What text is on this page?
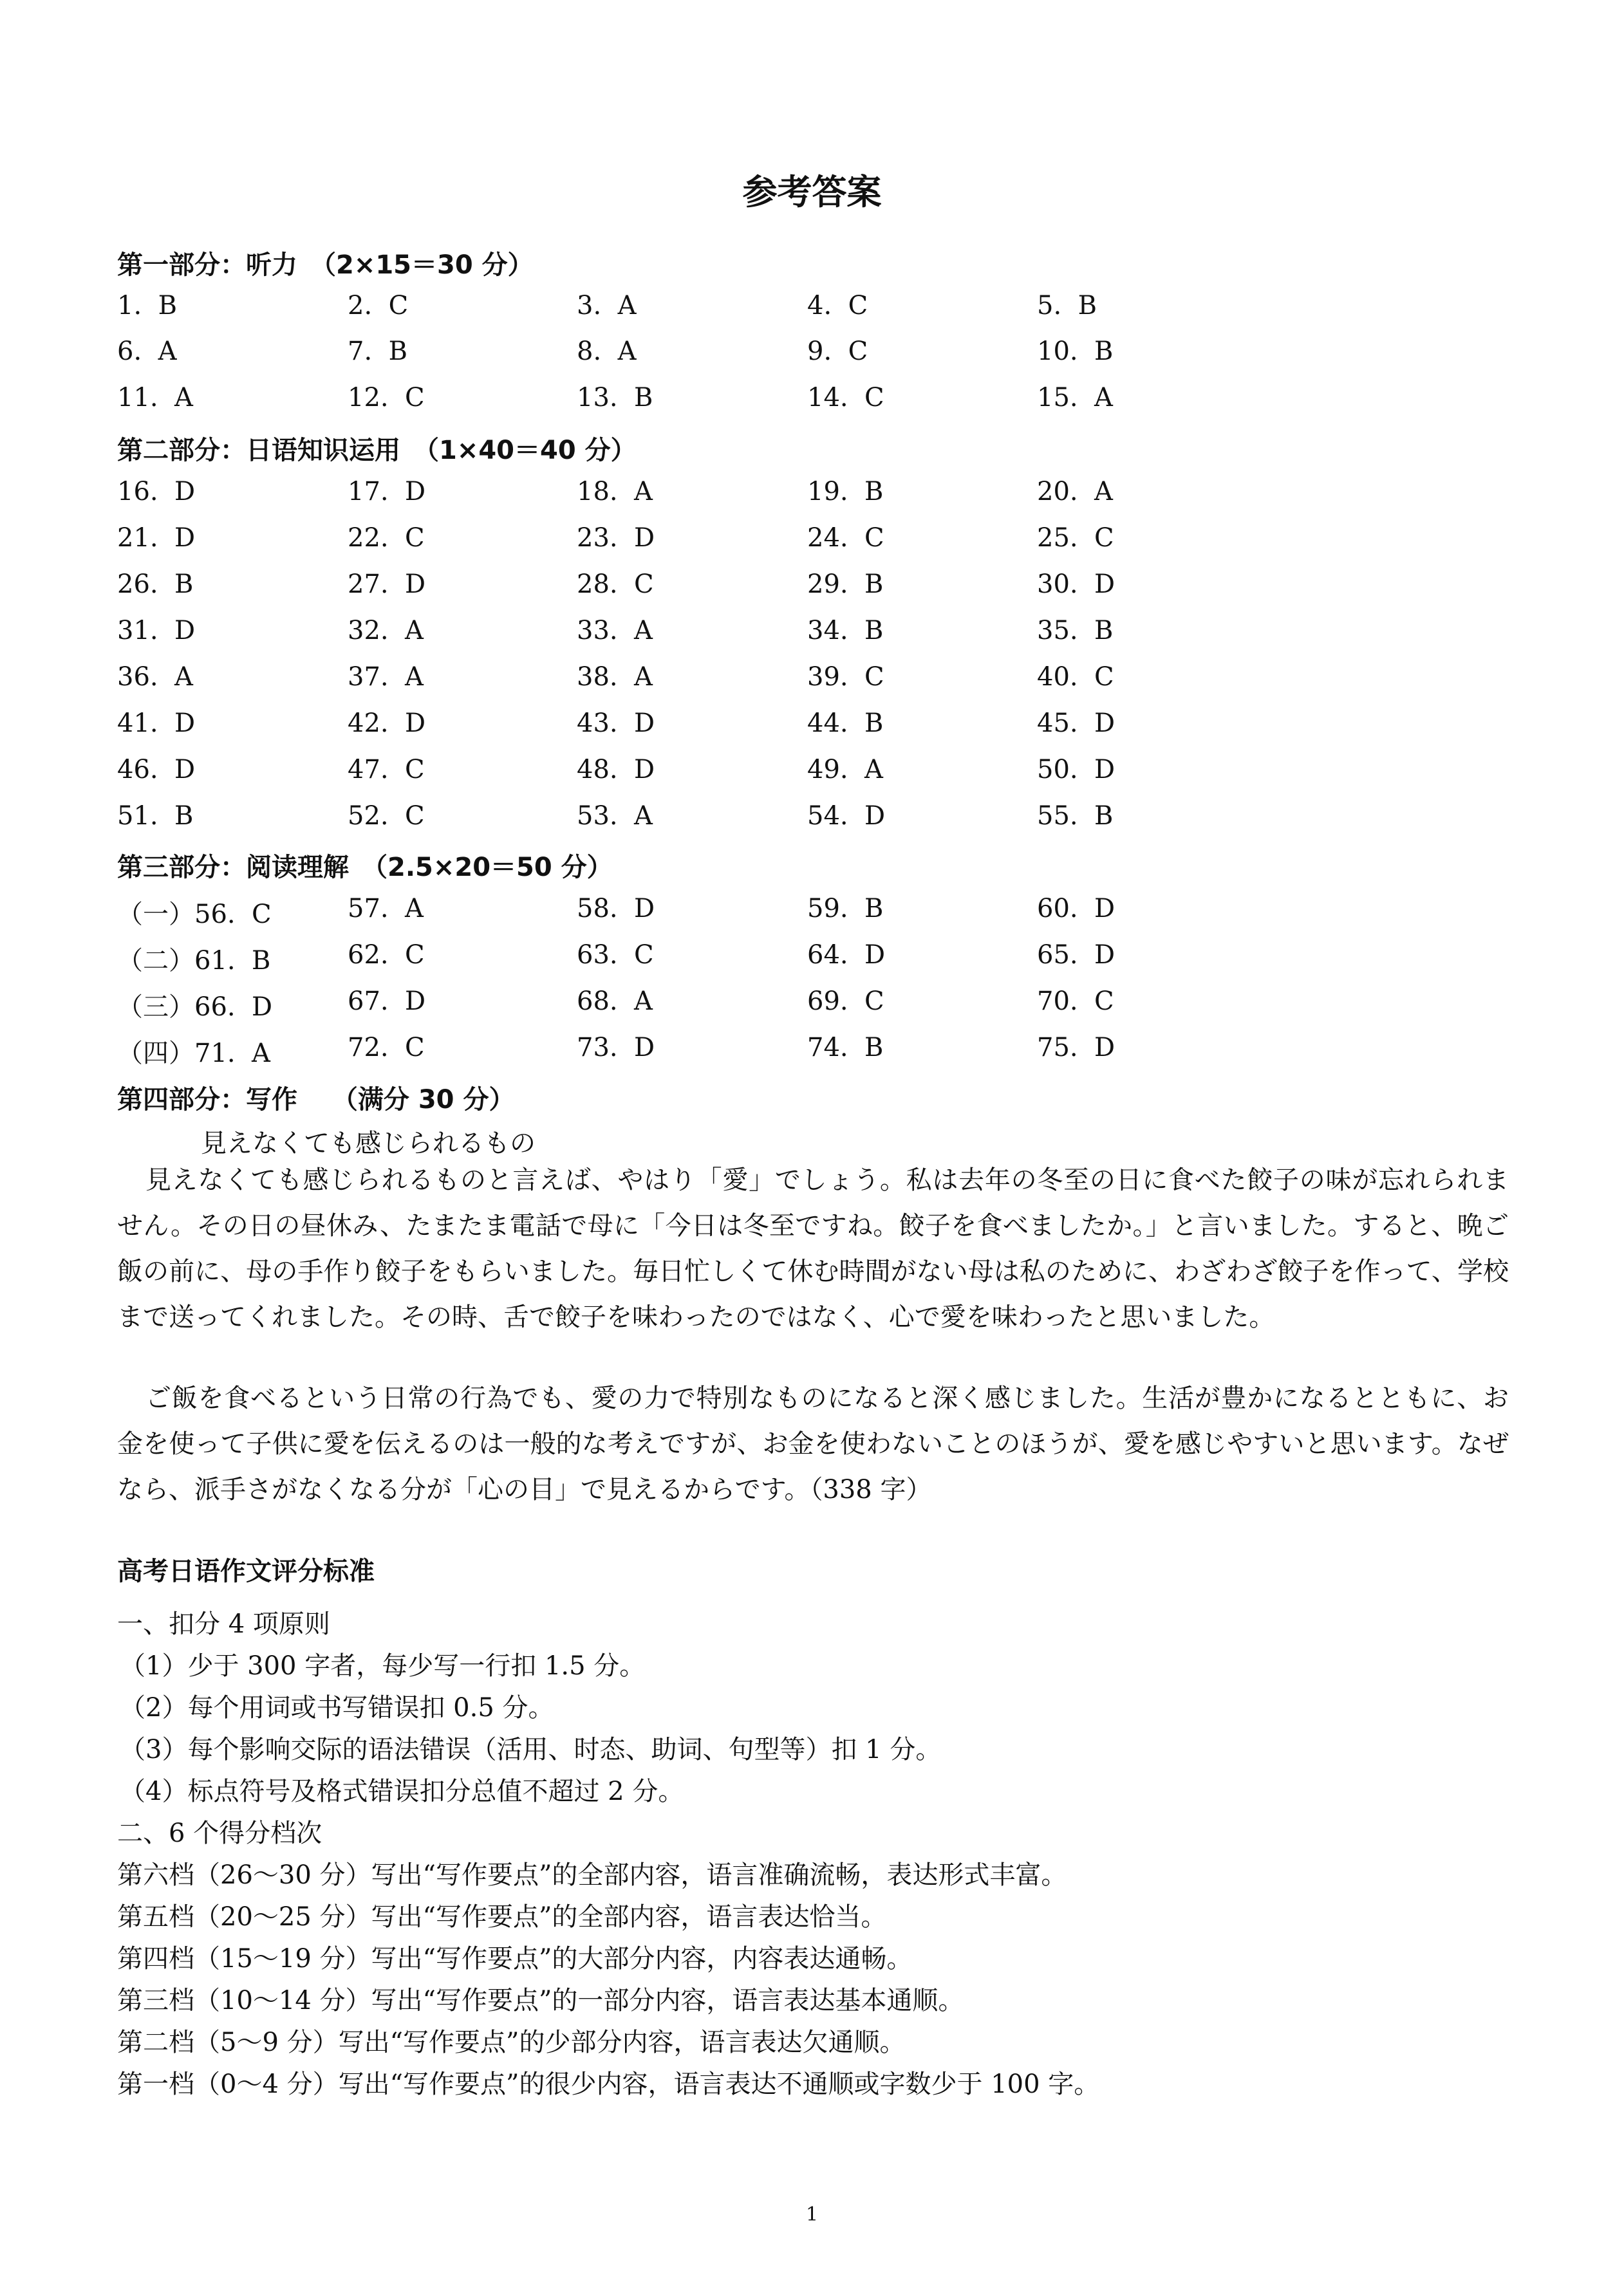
参考答案
第一部分：听力　（2×15＝30 分）
1.  B	2.  C	3.  A	4.  C	5.  B
6.  A	7.  B	8.  A	9.  C	10.  B
11.  A	12.  C	13.  B	14.  C	15.  A
第二部分：日语知识运用　（1×40＝40 分）
16.  D	17.  D	18.  A	19.  B	20.  A
21.  D	22.  C	23.  D	24.  C	25.  C
26.  B	27.  D	28.  C	29.  B	30.  D
31.  D	32.  A	33.  A	34.  B	35.  B
36.  A	37.  A	38.  A	39.  C	40.  C
41.  D	42.  D	43.  D	44.  B	45.  D
46.  D	47.  C	48.  D	49.  A	50.  D
51.  B	52.  C	53.  A	54.  D	55.  B
第三部分：阅读理解　（2.5×20＝50 分）
（一）56.  C	57.  A	58.  D	59.  B	60.  D
（二）61.  B	62.  C	63.  C	64.  D	65.  D
（三）66.  D	67.  D	68.  A	69.  C	70.  C
（四）71.  A	72.  C	73.  D	74.  B	75.  D
第四部分：写作　 （满分 30 分）
見えなくても感じられるもの
見えなくても感じられるものと言えば、やはり「愛」でしょう。私は去年の冬至の日に食べた餃子の味が忘れられません。その日の昼休み、たまたま電話で母に「今日は冬至ですね。餃子を食べましたか。」と言いました。すると、晩ご飯の前に、母の手作り餃子をもらいました。毎日忙しくて休む時間がない母は私のために、わざわざ餃子を作って、学校まで送ってくれました。その時、舌で餃子を味わったのではなく、心で愛を味わったと思いました。
ご飯を食べるという日常の行為でも、愛の力で特別なものになると深く感じました。生活が豊かになるとともに、お金を使って子供に愛を伝えるのは一般的な考えですが、お金を使わないことのほうが、愛を感じやすいと思います。なぜなら、派手さがなくなる分が「心の目」で見えるからです。（338 字）
高考日语作文评分标准
一、扣分 4 项原则
（1）少于 300 字者，每少写一行扣 1.5 分。
（2）每个用词或书写错误扣 0.5 分。
（3）每个影响交际的语法错误（活用、时态、助词、句型等）扣 1 分。
（4）标点符号及格式错误扣分总值不超过 2 分。
二、6 个得分档次
第六档（26～30 分）写出“写作要点”的全部内容，语言准确流畅，表达形式丰富。
第五档（20～25 分）写出“写作要点”的全部内容，语言表达恰当。
第四档（15～19 分）写出“写作要点”的大部分内容，内容表达通畅。
第三档（10～14 分）写出“写作要点”的一部分内容，语言表达基本通顺。
第二档（5～9 分）写出“写作要点”的少部分内容，语言表达欠通顺。
第一档（0～4 分）写出“写作要点”的很少内容，语言表达不通顺或字数少于 100 字。
1
